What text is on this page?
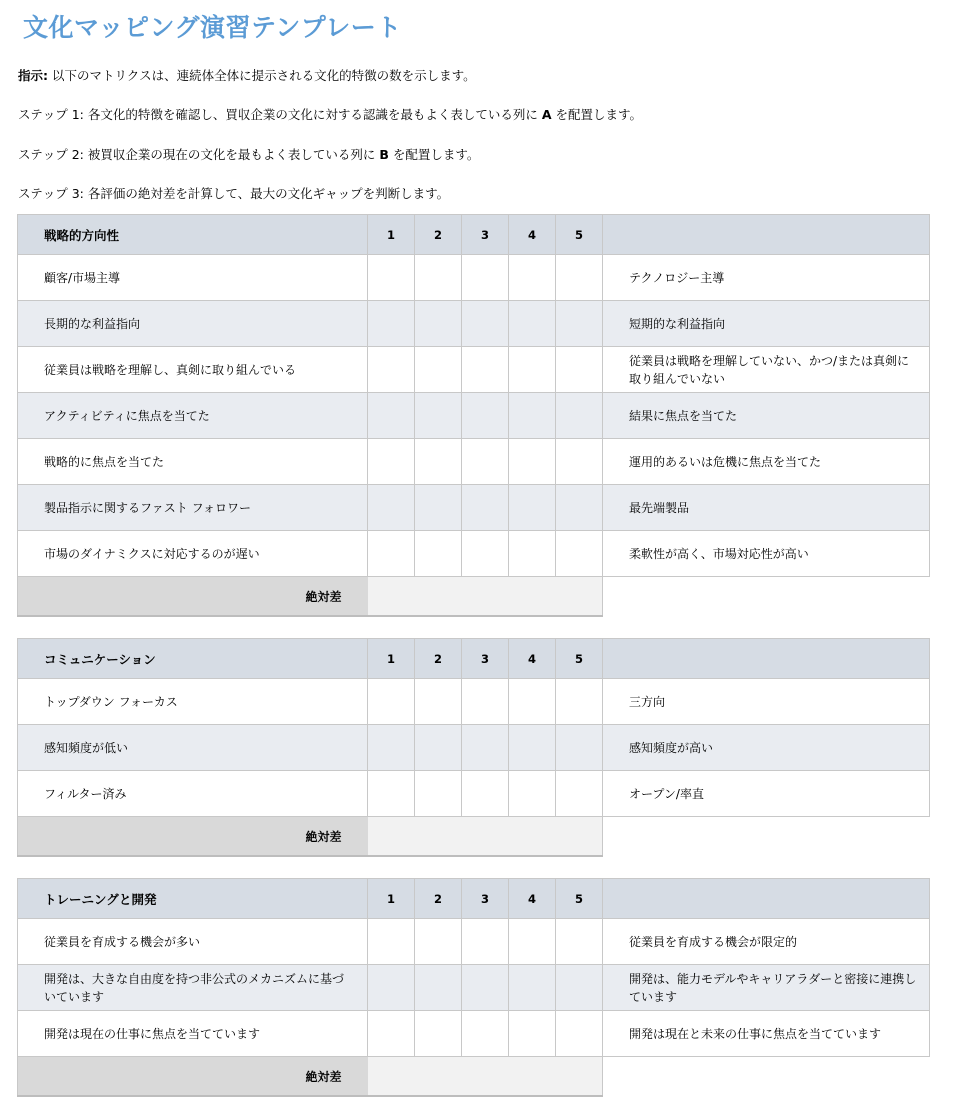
文化マッピング演習テンプレート
指示: 以下のマトリクスは、連続体全体に提示される文化的特徴の数を示します。
ステップ 1: 各文化的特徴を確認し、買収企業の文化に対する認識を最もよく表している列に A を配置します。
ステップ 2: 被買収企業の現在の文化を最もよく表している列に B を配置します。
ステップ 3: 各評価の絶対差を計算して、最大の文化ギャップを判断します。
戦略的方向性	1	2	3	4	5	
顧客/市場主導						テクノロジー主導
長期的な利益指向						短期的な利益指向
従業員は戦略を理解し、真剣に取り組んでいる						従業員は戦略を理解していない、かつ/または真剣に取り組んでいない
アクティビティに焦点を当てた						結果に焦点を当てた
戦略的に焦点を当てた						運用的あるいは危機に焦点を当てた
製品指示に関するファスト フォロワー						最先端製品
市場のダイナミクスに対応するのが遅い						柔軟性が高く、市場対応性が高い
絶対差						
コミュニケーション	1	2	3	4	5	
トップダウン フォーカス						三方向
感知頻度が低い						感知頻度が高い
フィルター済み						オープン/率直
絶対差						
トレーニングと開発	1	2	3	4	5	
従業員を育成する機会が多い						従業員を育成する機会が限定的
開発は、大きな自由度を持つ非公式のメカニズムに基づいています						開発は、能力モデルやキャリアラダーと密接に連携しています
開発は現在の仕事に焦点を当てています						開発は現在と未来の仕事に焦点を当てています
絶対差						
